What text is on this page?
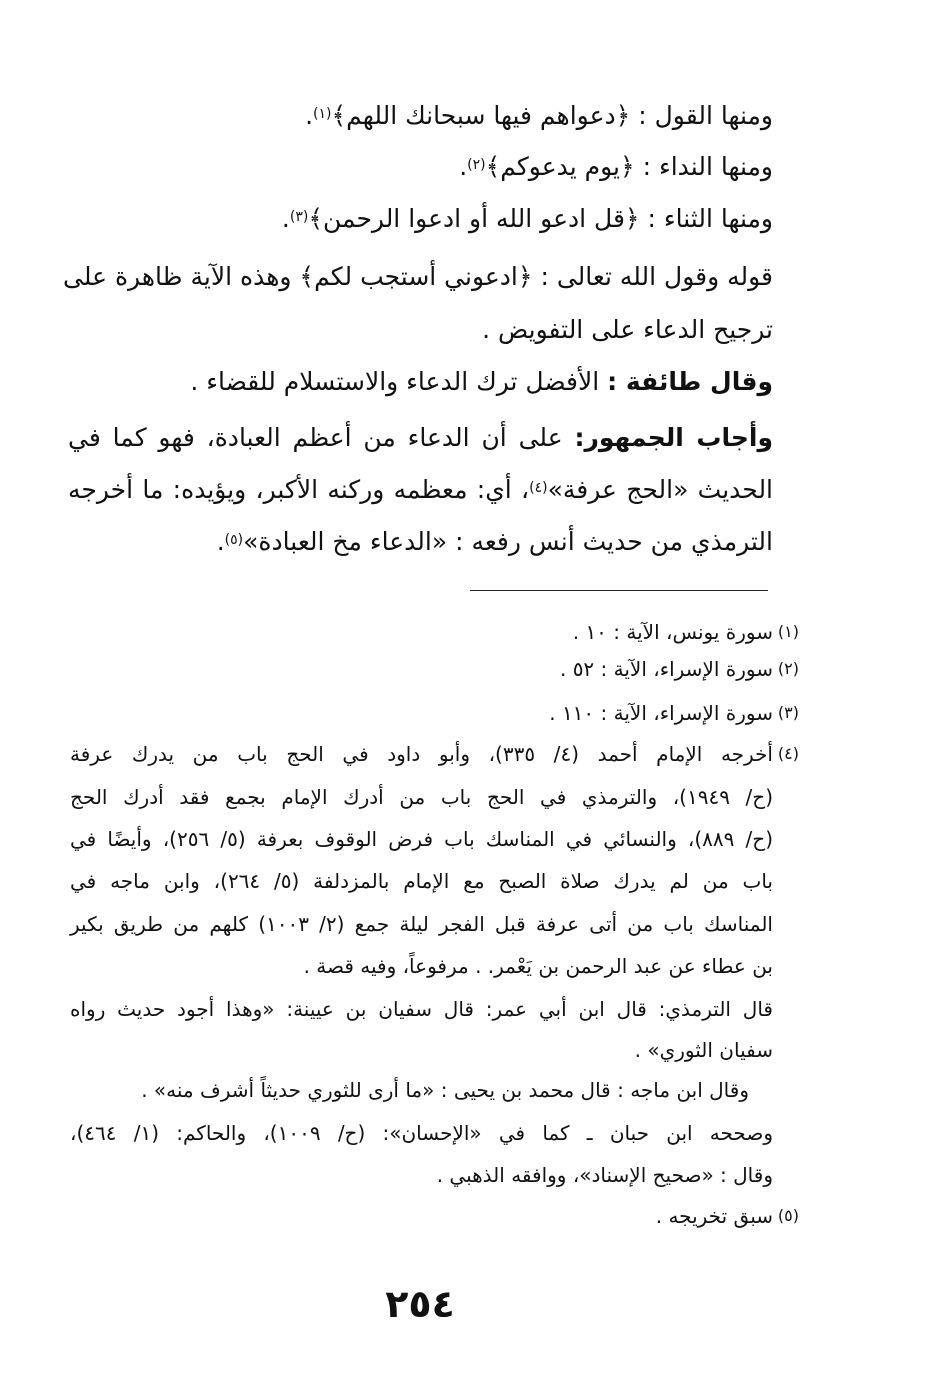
ومنها القول : ﴿دعواهم فيها سبحانك اللهم﴾$^{(١)}$.
ومنها النداء : ﴿يوم يدعوكم﴾$^{(٢)}$.
ومنها الثناء : ﴿قل ادعو الله أو ادعوا الرحمن﴾$^{(٣)}$.
قوله وقول الله تعالى : ﴿ادعوني أستجب لكم﴾ وهذه الآية ظاهرة على
ترجيح الدعاء على التفويض .
وقال طائفة : الأفضل ترك الدعاء والاستسلام للقضاء .
وأجاب الجمهور: على أن الدعاء من أعظم العبادة، فهو كما في
الحديث «الحج عرفة»$^{(٤)}$، أي: معظمه وركنه الأكبر، ويؤيده: ما أخرجه
الترمذي من حديث أنس رفعه : «الدعاء مخ العبادة»$^{(٥)}$.
(١)
سورة يونس، الآية : ١٠ .
(٢)
سورة الإسراء، الآية : ٥٢ .
(٣)
سورة الإسراء، الآية : ١١٠ .
(٤)
أخرجه الإمام أحمد (٤/ ٣٣٥)، وأبو داود في الحج باب من يدرك عرفة
(ح/ ١٩٤٩)، والترمذي في الحج باب من أدرك الإمام بجمع فقد أدرك الحج
(ح/ ٨٨٩)، والنسائي في المناسك باب فرض الوقوف بعرفة (٥/ ٢٥٦)، وأيضًا في
باب من لم يدرك صلاة الصبح مع الإمام بالمزدلفة (٥/ ٢٦٤)، وابن ماجه في
المناسك باب من أتى عرفة قبل الفجر ليلة جمع (٢/ ١٠٠٣) كلهم من طريق بكير
بن عطاء عن عبد الرحمن بن يَعْمر. . مرفوعاً، وفيه قصة .
قال الترمذي: قال ابن أبي عمر: قال سفيان بن عيينة: «وهذا أجود حديث رواه
سفيان الثوري» .
وقال ابن ماجه : قال محمد بن يحيى : «ما أرى للثوري حديثاً أشرف منه» .
وصححه ابن حبان ـ كما في «الإحسان»: (ح/ ١٠٠٩)، والحاكم: (١/ ٤٦٤)،
وقال : «صحيح الإسناد»، ووافقه الذهبي .
(٥)
سبق تخريجه .
٢٥٤
